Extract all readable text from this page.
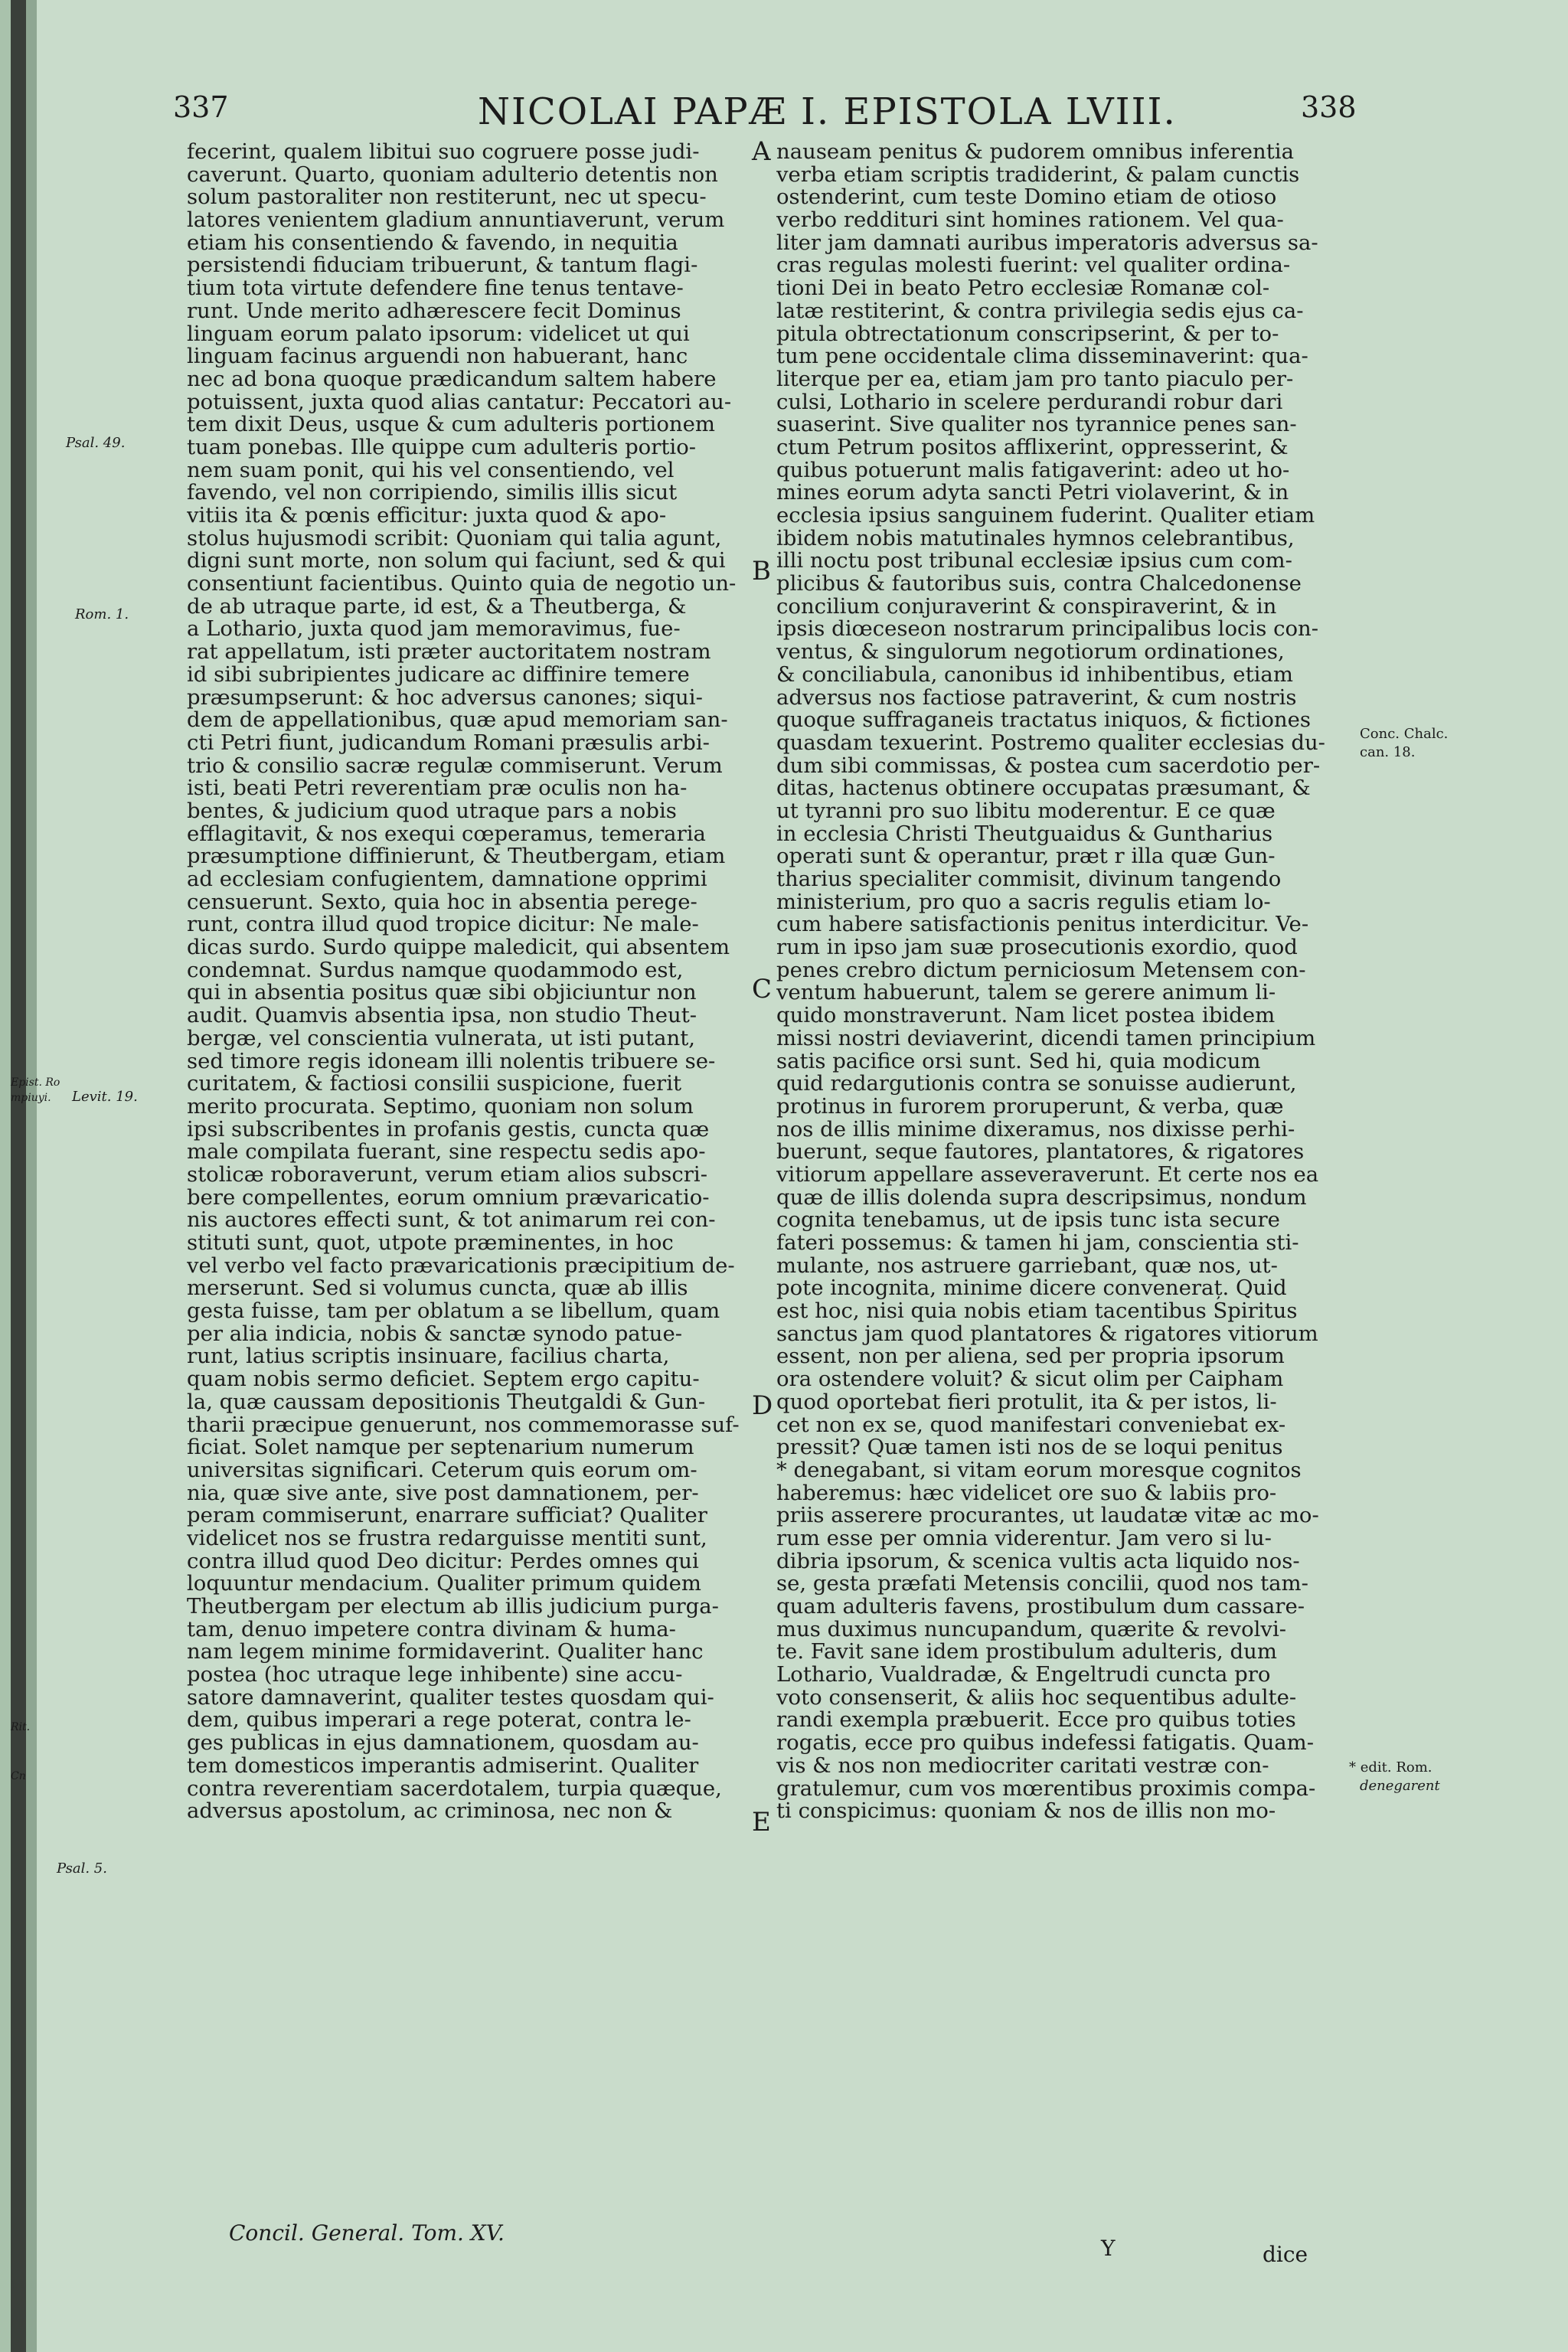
337	NICOLAI PAPÆ I. EPISTOLA LVIII.	338
fecerint, qualem libitui suo cogruere posse judi-
caverunt. Quarto, quoniam adulterio detentis non
solum pastoraliter non restiterunt, nec ut specu-
latores venientem gladium annuntiaverunt, verum
etiam his consentiendo & favendo, in nequitia
persistendi fiduciam tribuerunt, & tantum flagi-
tium tota virtute defendere fine tenus tentave-
runt. Unde merito adhærescere fecit Dominus
linguam eorum palato ipsorum: videlicet ut qui
linguam facinus arguendi non habuerant, hanc
nec ad bona quoque prædicandum saltem habere
potuissent, juxta quod alias cantatur: Peccatori au-
tem dixit Deus, usque & cum adulteris portionem
tuam ponebas. Ille quippe cum adulteris portio-
nem suam ponit, qui his vel consentiendo, vel
favendo, vel non corripiendo, similis illis sicut
vitiis ita & pœnis efficitur: juxta quod & apo-
stolus hujusmodi scribit: Quoniam qui talia agunt,
digni sunt morte, non solum qui faciunt, sed & qui
consentiunt facientibus. Quinto quia de negotio un-
de ab utraque parte, id est, & a Theutberga, &
a Lothario, juxta quod jam memoravimus, fue-
rat appellatum, isti præter auctoritatem nostram
id sibi subripientes judicare ac diffinire temere
præsumpserunt: & hoc adversus canones; siqui-
dem de appellationibus, quæ apud memoriam san-
cti Petri fiunt, judicandum Romani præsulis arbi-
trio & consilio sacræ regulæ commiserunt. Verum
isti, beati Petri reverentiam præ oculis non ha-
bentes, & judicium quod utraque pars a nobis
efflagitavit, & nos exequi cœperamus, temeraria
præsumptione diffinierunt, & Theutbergam, etiam
ad ecclesiam confugientem, damnatione opprimi
censuerunt. Sexto, quia hoc in absentia perege-
runt, contra illud quod tropice dicitur: Ne male-
dicas surdo. Surdo quippe maledicit, qui absentem
condemnat. Surdus namque quodammodo est,
qui in absentia positus quæ sibi objiciuntur non
audit. Quamvis absentia ipsa, non studio Theut-
bergæ, vel conscientia vulnerata, ut isti putant,
sed timore regis idoneam illi nolentis tribuere se-
curitatem, & factiosi consilii suspicione, fuerit
merito procurata. Septimo, quoniam non solum
ipsi subscribentes in profanis gestis, cuncta quæ
male compilata fuerant, sine respectu sedis apo-
stolicæ roboraverunt, verum etiam alios subscri-
bere compellentes, eorum omnium prævaricatio-
nis auctores effecti sunt, & tot animarum rei con-
stituti sunt, quot, utpote præminentes, in hoc
vel verbo vel facto prævaricationis præcipitium de-
merserunt. Sed si volumus cuncta, quæ ab illis
gesta fuisse, tam per oblatum a se libellum, quam
per alia indicia, nobis & sanctæ synodo patue-
runt, latius scriptis insinuare, facilius charta,
quam nobis sermo deficiet. Septem ergo capitu-
la, quæ caussam depositionis Theutgaldi & Gun-
tharii præcipue genuerunt, nos commemorasse suf-
ficiat. Solet namque per septenarium numerum
universitas significari. Ceterum quis eorum om-
nia, quæ sive ante, sive post damnationem, per-
peram commiserunt, enarrare sufficiat? Qualiter
videlicet nos se frustra redarguisse mentiti sunt,
contra illud quod Deo dicitur: Perdes omnes qui
loquuntur mendacium. Qualiter primum quidem
Theutbergam per electum ab illis judicium purga-
tam, denuo impetere contra divinam & huma-
nam legem minime formidaverint. Qualiter hanc
postea (hoc utraque lege inhibente) sine accu-
satore damnaverint, qualiter testes quosdam qui-
dem, quibus imperari a rege poterat, contra le-
ges publicas in ejus damnationem, quosdam au-
tem domesticos imperantis admiserint. Qualiter
contra reverentiam sacerdotalem, turpia quæque,
adversus apostolum, ac criminosa, nec non &
nauseam penitus & pudorem omnibus inferentia
verba etiam scriptis tradiderint, & palam cunctis
ostenderint, cum teste Domino etiam de otioso
verbo reddituri sint homines rationem. Vel qua-
liter jam damnati auribus imperatoris adversus sa-
cras regulas molesti fuerint: vel qualiter ordina-
tioni Dei in beato Petro ecclesiæ Romanæ col-
latæ restiterint, & contra privilegia sedis ejus ca-
pitula obtrectationum conscripserint, & per to-
tum pene occidentale clima disseminaverint: qua-
literque per ea, etiam jam pro tanto piaculo per-
culsi, Lothario in scelere perdurandi robur dari
suaserint. Sive qualiter nos tyrannice penes san-
ctum Petrum positos afflixerint, oppresserint, &
quibus potuerunt malis fatigaverint: adeo ut ho-
mines eorum adyta sancti Petri violaverint, & in
ecclesia ipsius sanguinem fuderint. Qualiter etiam
ibidem nobis matutinales hymnos celebrantibus,
illi noctu post tribunal ecclesiæ ipsius cum com-
plicibus & fautoribus suis, contra Chalcedonense
concilium conjuraverint & conspiraverint, & in
ipsis diœceseon nostrarum principalibus locis con-
ventus, & singulorum negotiorum ordinationes,
& conciliabula, canonibus id inhibentibus, etiam
adversus nos factiose patraverint, & cum nostris
quoque suffraganeis tractatus iniquos, & fictiones
quasdam texuerint. Postremo qualiter ecclesias du-
dum sibi commissas, & postea cum sacerdotio per-
ditas, hactenus obtinere occupatas præsumant, &
ut tyranni pro suo libitu moderentur. E ce quæ
in ecclesia Christi Theutguaidus & Guntharius
operati sunt & operantur, præt r illa quæ Gun-
tharius specialiter commisit, divinum tangendo
ministerium, pro quo a sacris regulis etiam lo-
cum habere satisfactionis penitus interdicitur. Ve-
rum in ipso jam suæ prosecutionis exordio, quod
penes crebro dictum perniciosum Metensem con-
ventum habuerunt, talem se gerere animum li-
quido monstraverunt. Nam licet postea ibidem
missi nostri deviaverint, dicendi tamen principium
satis pacifice orsi sunt. Sed hi, quia modicum
quid redargutionis contra se sonuisse audierunt,
protinus in furorem proruperunt, & verba, quæ
nos de illis minime dixeramus, nos dixisse perhi-
buerunt, seque fautores, plantatores, & rigatores
vitiorum appellare asseveraverunt. Et certe nos ea
quæ de illis dolenda supra descripsimus, nondum
cognita tenebamus, ut de ipsis tunc ista secure
fateri possemus: & tamen hi jam, conscientia sti-
mulante, nos astruere garriebant, quæ nos, ut-
pote incognita, minime dicere conveneraț. Quid
est hoc, nisi quia nobis etiam tacentibus Spiritus
sanctus jam quod plantatores & rigatores vitiorum
essent, non per aliena, sed per propria ipsorum
ora ostendere voluit? & sicut olim per Caipham
quod oportebat fieri protulit, ita & per istos, li-
cet non ex se, quod manifestari conveniebat ex-
pressit? Quæ tamen isti nos de se loqui penitus
* denegabant, si vitam eorum moresque cognitos
haberemus: hæc videlicet ore suo & labiis pro-
priis asserere procurantes, ut laudatæ vitæ ac mo-
rum esse per omnia viderentur. Jam vero si lu-
dibria ipsorum, & scenica vultis acta liquido nos-
se, gesta præfati Metensis concilii, quod nos tam-
quam adulteris favens, prostibulum dum cassare-
mus duximus nuncupandum, quærite & revolvi-
te. Favit sane idem prostibulum adulteris, dum
Lothario, Vualdradæ, & Engeltrudi cuncta pro
voto consenserit, & aliis hoc sequentibus adulte-
randi exempla præbuerit. Ecce pro quibus toties
rogatis, ecce pro quibus indefessi fatigatis. Quam-
vis & nos non mediocriter caritati vestræ con-
gratulemur, cum vos mœrentibus proximis compa-
ti conspicimus: quoniam & nos de illis non mo-
Psal. 49.
Rom. 1.
Levit. 19.
Psal. 5.
Epist. Ro
mpiuyi.
Rit.
Cn
Conc. Chalc.
can. 18.
* edit. Rom.
denegarent
A
B
C
D
E
Concil. General. Tom. XV.
Y	dice
